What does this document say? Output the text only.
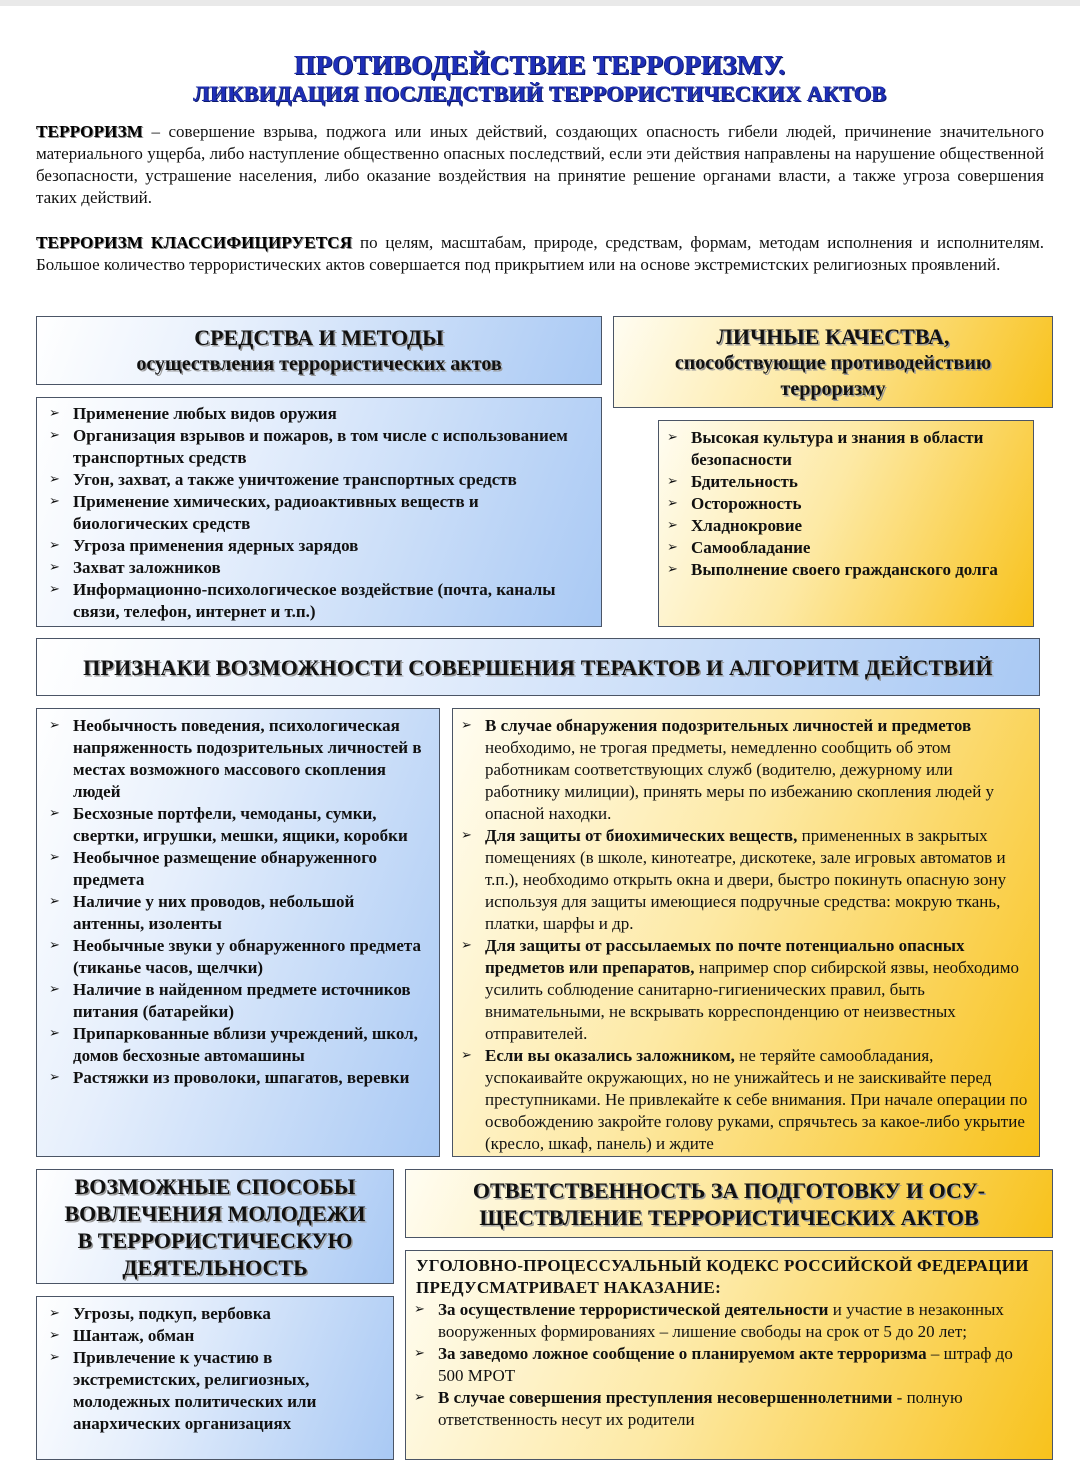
ПРОТИВОДЕЙСТВИЕ ТЕРРОРИЗМУ.
ЛИКВИДАЦИЯ ПОСЛЕДСТВИЙ ТЕРРОРИСТИЧЕСКИХ АКТОВ
ТЕРРОРИЗМ – совершение взрыва, поджога или иных действий, создающих опасность гибели людей, причинение значительного материального ущерба, либо наступление общественно опасных последствий, если эти действия направлены на нарушение общественной безопасности, устрашение населения, либо оказание воздействия на принятие решение органами власти, а также угроза совершения таких действий.
ТЕРРОРИЗМ КЛАССИФИЦИРУЕТСЯ по целям, масштабам, природе, средствам, формам, методам исполнения и исполнителям. Большое количество террористических актов совершается под прикрытием или на основе экстремистских религиозных проявлений.
СРЕДСТВА И МЕТОДЫ
осуществления террористических актов
➢ Применение любых видов оружия
➢ Организация взрывов и пожаров, в том числе с использованием транспортных средств
➢ Угон, захват, а также уничтожение транспортных средств
➢ Применение химических, радиоактивных веществ и биологических средств
➢ Угроза применения ядерных зарядов
➢ Захват заложников
➢ Информационно-психологическое воздействие (почта, каналы связи, телефон, интернет и т.п.)
ЛИЧНЫЕ КАЧЕСТВА,
способствующие противодействию
терроризму
➢ Высокая культура и знания в области безопасности
➢ Бдительность
➢ Осторожность
➢ Хладнокровие
➢ Самообладание
➢ Выполнение своего гражданского долга
ПРИЗНАКИ ВОЗМОЖНОСТИ СОВЕРШЕНИЯ ТЕРАКТОВ И АЛГОРИТМ ДЕЙСТВИЙ
➢ Необычность поведения, психологическая напряженность подозрительных личностей в местах возможного массового скопления людей
➢ Бесхозные портфели, чемоданы, сумки, свертки, игрушки, мешки, ящики, коробки
➢ Необычное размещение обнаруженного предмета
➢ Наличие у них проводов, небольшой антенны, изоленты
➢ Необычные звуки у обнаруженного предмета (тиканье часов, щелчки)
➢ Наличие в найденном предмете источников питания (батарейки)
➢ Припаркованные вблизи учреждений, школ, домов бесхозные автомашины
➢ Растяжки из проволоки, шпагатов, веревки
➢ В случае обнаружения подозрительных личностей и предметов необходимо, не трогая предметы, немедленно сообщить об этом работникам соответствующих служб (водителю, дежурному или работнику милиции), принять меры по избежанию скопления людей у опасной находки.
➢ Для защиты от биохимических веществ, примененных в закрытых помещениях (в школе, кинотеатре, дискотеке, зале игровых автоматов и т.п.), необходимо открыть окна и двери, быстро покинуть опасную зону используя для защиты имеющиеся подручные средства: мокрую ткань, платки, шарфы и др.
➢ Для защиты от рассылаемых по почте потенциально опасных предметов или препаратов, например спор сибирской язвы, необходимо усилить соблюдение санитарно-гигиенических правил, быть внимательными, не вскрывать корреспонденцию от неизвестных отправителей.
➢ Если вы оказались заложником, не теряйте самообладания, успокаивайте окружающих, но не унижайтесь и не заискивайте перед преступниками. Не привлекайте к себе внимания. При начале операции по освобождению закройте голову руками, спрячьтесь за какое-либо укрытие (кресло, шкаф, панель) и ждите
ВОЗМОЖНЫЕ СПОСОБЫ
ВОВЛЕЧЕНИЯ МОЛОДЕЖИ
В ТЕРРОРИСТИЧЕСКУЮ
ДЕЯТЕЛЬНОСТЬ
➢ Угрозы, подкуп, вербовка
➢ Шантаж, обман
➢ Привлечение к участию в экстремистских, религиозных, молодежных политических или анархических организациях
ОТВЕТСТВЕННОСТЬ ЗА ПОДГОТОВКУ И ОСУ-
ЩЕСТВЛЕНИЕ ТЕРРОРИСТИЧЕСКИХ АКТОВ
УГОЛОВНО-ПРОЦЕССУАЛЬНЫЙ КОДЕКС РОССИЙСКОЙ ФЕДЕРАЦИИ ПРЕДУСМАТРИВАЕТ НАКАЗАНИЕ:
➢ За осуществление террористической деятельности и участие в незаконных вооруженных формированиях – лишение свободы на срок от 5 до 20 лет;
➢ За заведомо ложное сообщение о планируемом акте терроризма – штраф до 500 МРОТ
➢ В случае совершения преступления несовершеннолетними - полную ответственность несут их родители
